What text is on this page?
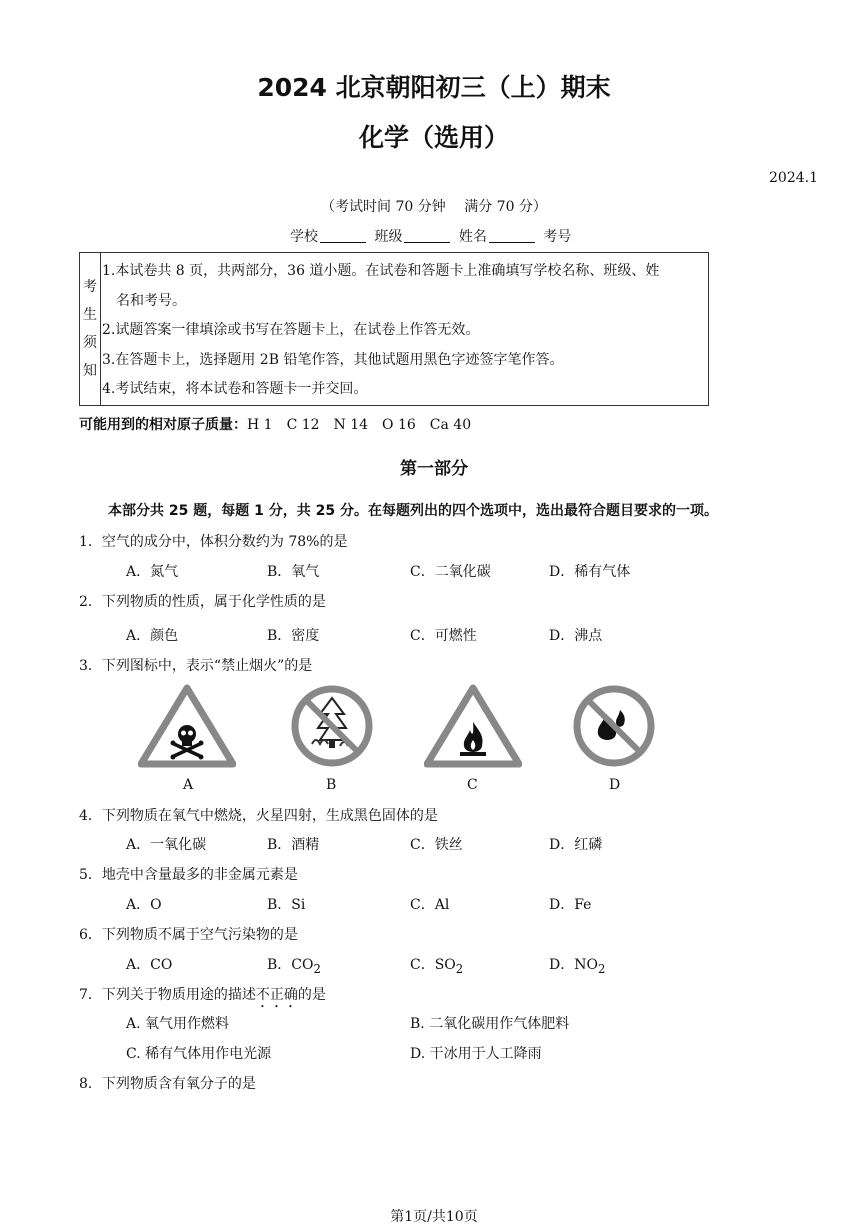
2024 北京朝阳初三（上）期末
化学（选用）
2024.1
（考试时间 70 分钟　 满分 70 分）
学校	班级	姓名	考号
考
生
须
知
1.本试卷共 8 页，共两部分，36 道小题。在试卷和答题卡上准确填写学校名称、班级、姓
　名和考号。
2.试题答案一律填涂或书写在答题卡上，在试卷上作答无效。
3.在答题卡上，选择题用 2B 铅笔作答，其他试题用黑色字迹签字笔作答。
4.考试结束，将本试卷和答题卡一并交回。
可能用到的相对原子质量：H 1　C 12　N 14　O 16　Ca 40
第一部分
本部分共 25 题，每题 1 分，共 25 分。在每题列出的四个选项中，选出最符合题目要求的一项。
1．空气的成分中，体积分数约为 78%的是
A．氮气	B．氧气	C．二氧化碳	D．稀有气体
2．下列物质的性质，属于化学性质的是
A．颜色	B．密度	C．可燃性	D．沸点
3．下列图标中，表示“禁止烟火”的是
A	B	C	D
4．下列物质在氧气中燃烧，火星四射，生成黑色固体的是
A．一氧化碳	B．酒精	C．铁丝	D．红磷
5．地壳中含量最多的非金属元素是
A．O	B．Si	C．Al	D．Fe
6．下列物质不属于空气污染物的是
A．CO	B．$CO_2$	C．$SO_2$	D．$NO_2$
7．下列关于物质用途的描述不正确的是
A. 氧气用作燃料	B. 二氧化碳用作气体肥料
C. 稀有气体用作电光源	D. 干冰用于人工降雨
8．下列物质含有氧分子的是
第1页/共10页
